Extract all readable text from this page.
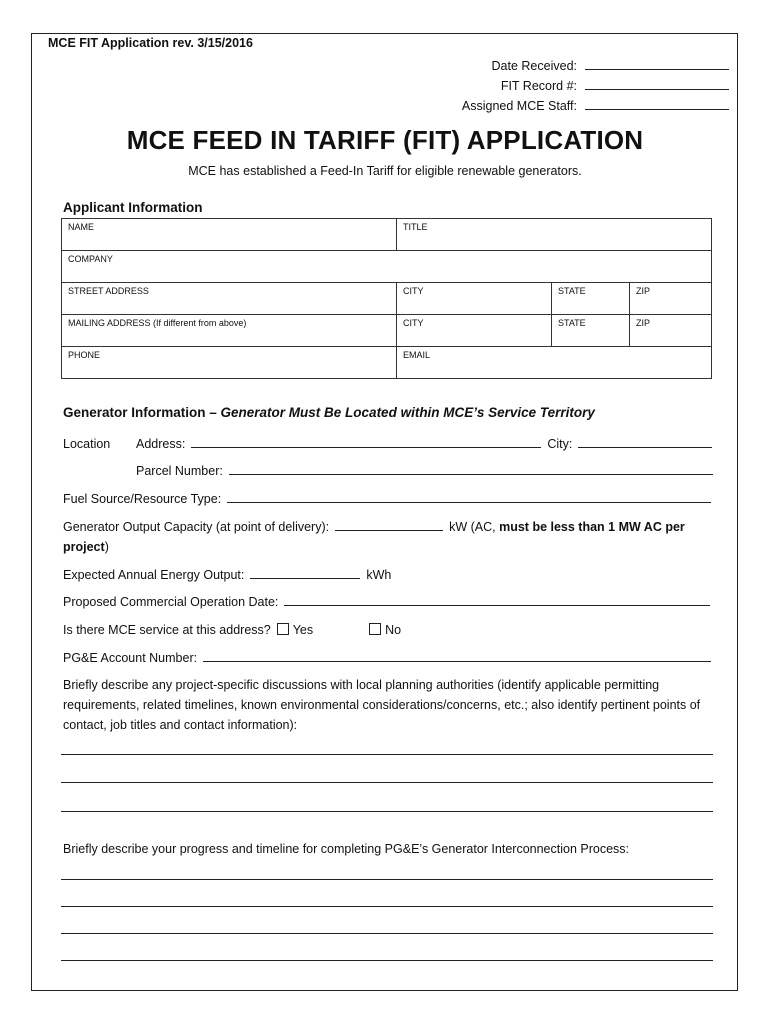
MCE FIT Application rev. 3/15/2016
Date Received:
FIT Record #:
Assigned MCE Staff:
MCE FEED IN TARIFF (FIT) APPLICATION
MCE has established a Feed-In Tariff for eligible renewable generators.
Applicant Information
NAME	TITLE		
COMPANY			
STREET ADDRESS	CITY	STATE	ZIP
MAILING ADDRESS (If different from above)	CITY	STATE	ZIP
PHONE	EMAIL		
Generator Information – Generator Must Be Located within MCE’s Service Territory
Location	Address:	City:
Parcel Number:
Fuel Source/Resource Type:
Generator Output Capacity (at point of delivery):	kW (AC, must be less than 1 MW AC per
project )
Expected Annual Energy Output:	kWh
Proposed Commercial Operation Date:
Is there MCE service at this address?	Yes	No
PG&E Account Number:
Briefly describe any project-specific discussions with local planning authorities (identify applicable permitting requirements, related timelines, known environmental considerations/concerns, etc.; also identify pertinent points of contact, job titles and contact information):
Briefly describe your progress and timeline for completing PG&E’s Generator Interconnection Process:
